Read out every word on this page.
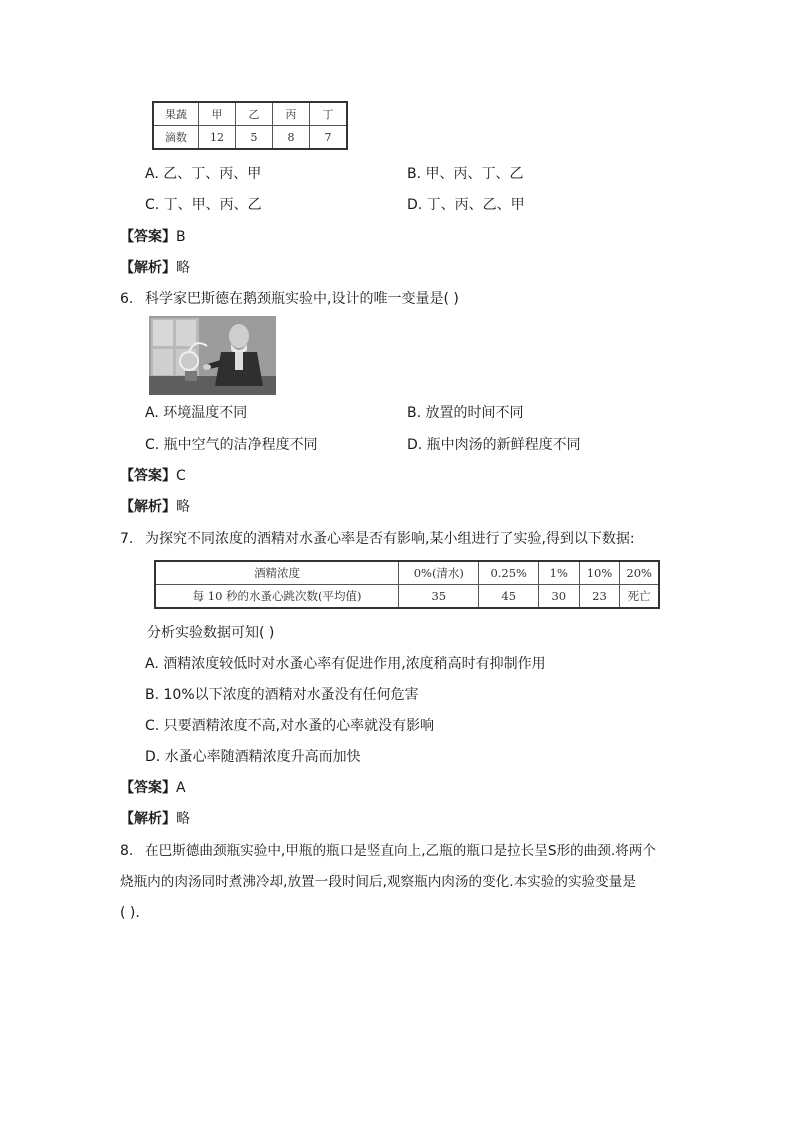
果蔬	甲	乙	丙	丁
滴数	12	5	8	7
A. 乙、丁、丙、甲	B. 甲、丙、丁、乙
C. 丁、甲、丙、乙	D. 丁、丙、乙、甲
【答案】B
【解析】略
6. 科学家巴斯德在鹅颈瓶实验中,设计的唯一变量是( )
A. 环境温度不同	B. 放置的时间不同
C. 瓶中空气的洁净程度不同	D. 瓶中肉汤的新鲜程度不同
【答案】C
【解析】略
7. 为探究不同浓度的酒精对水蚤心率是否有影响,某小组进行了实验,得到以下数据:
酒精浓度	0%(清水)	0.25%	1%	10%	20%
每 10 秒的水蚤心跳次数(平均值)	35	45	30	23	死亡
分析实验数据可知( )
A. 酒精浓度较低时对水蚤心率有促进作用,浓度稍高时有抑制作用
B. 10%以下浓度的酒精对水蚤没有任何危害
C. 只要酒精浓度不高,对水蚤的心率就没有影响
D. 水蚤心率随酒精浓度升高而加快
【答案】A
【解析】略
8. 在巴斯德曲颈瓶实验中,甲瓶的瓶口是竖直向上,乙瓶的瓶口是拉长呈S形的曲颈.将两个
烧瓶内的肉汤同时煮沸冷却,放置一段时间后,观察瓶内肉汤的变化.本实验的实验变量是
( ).
